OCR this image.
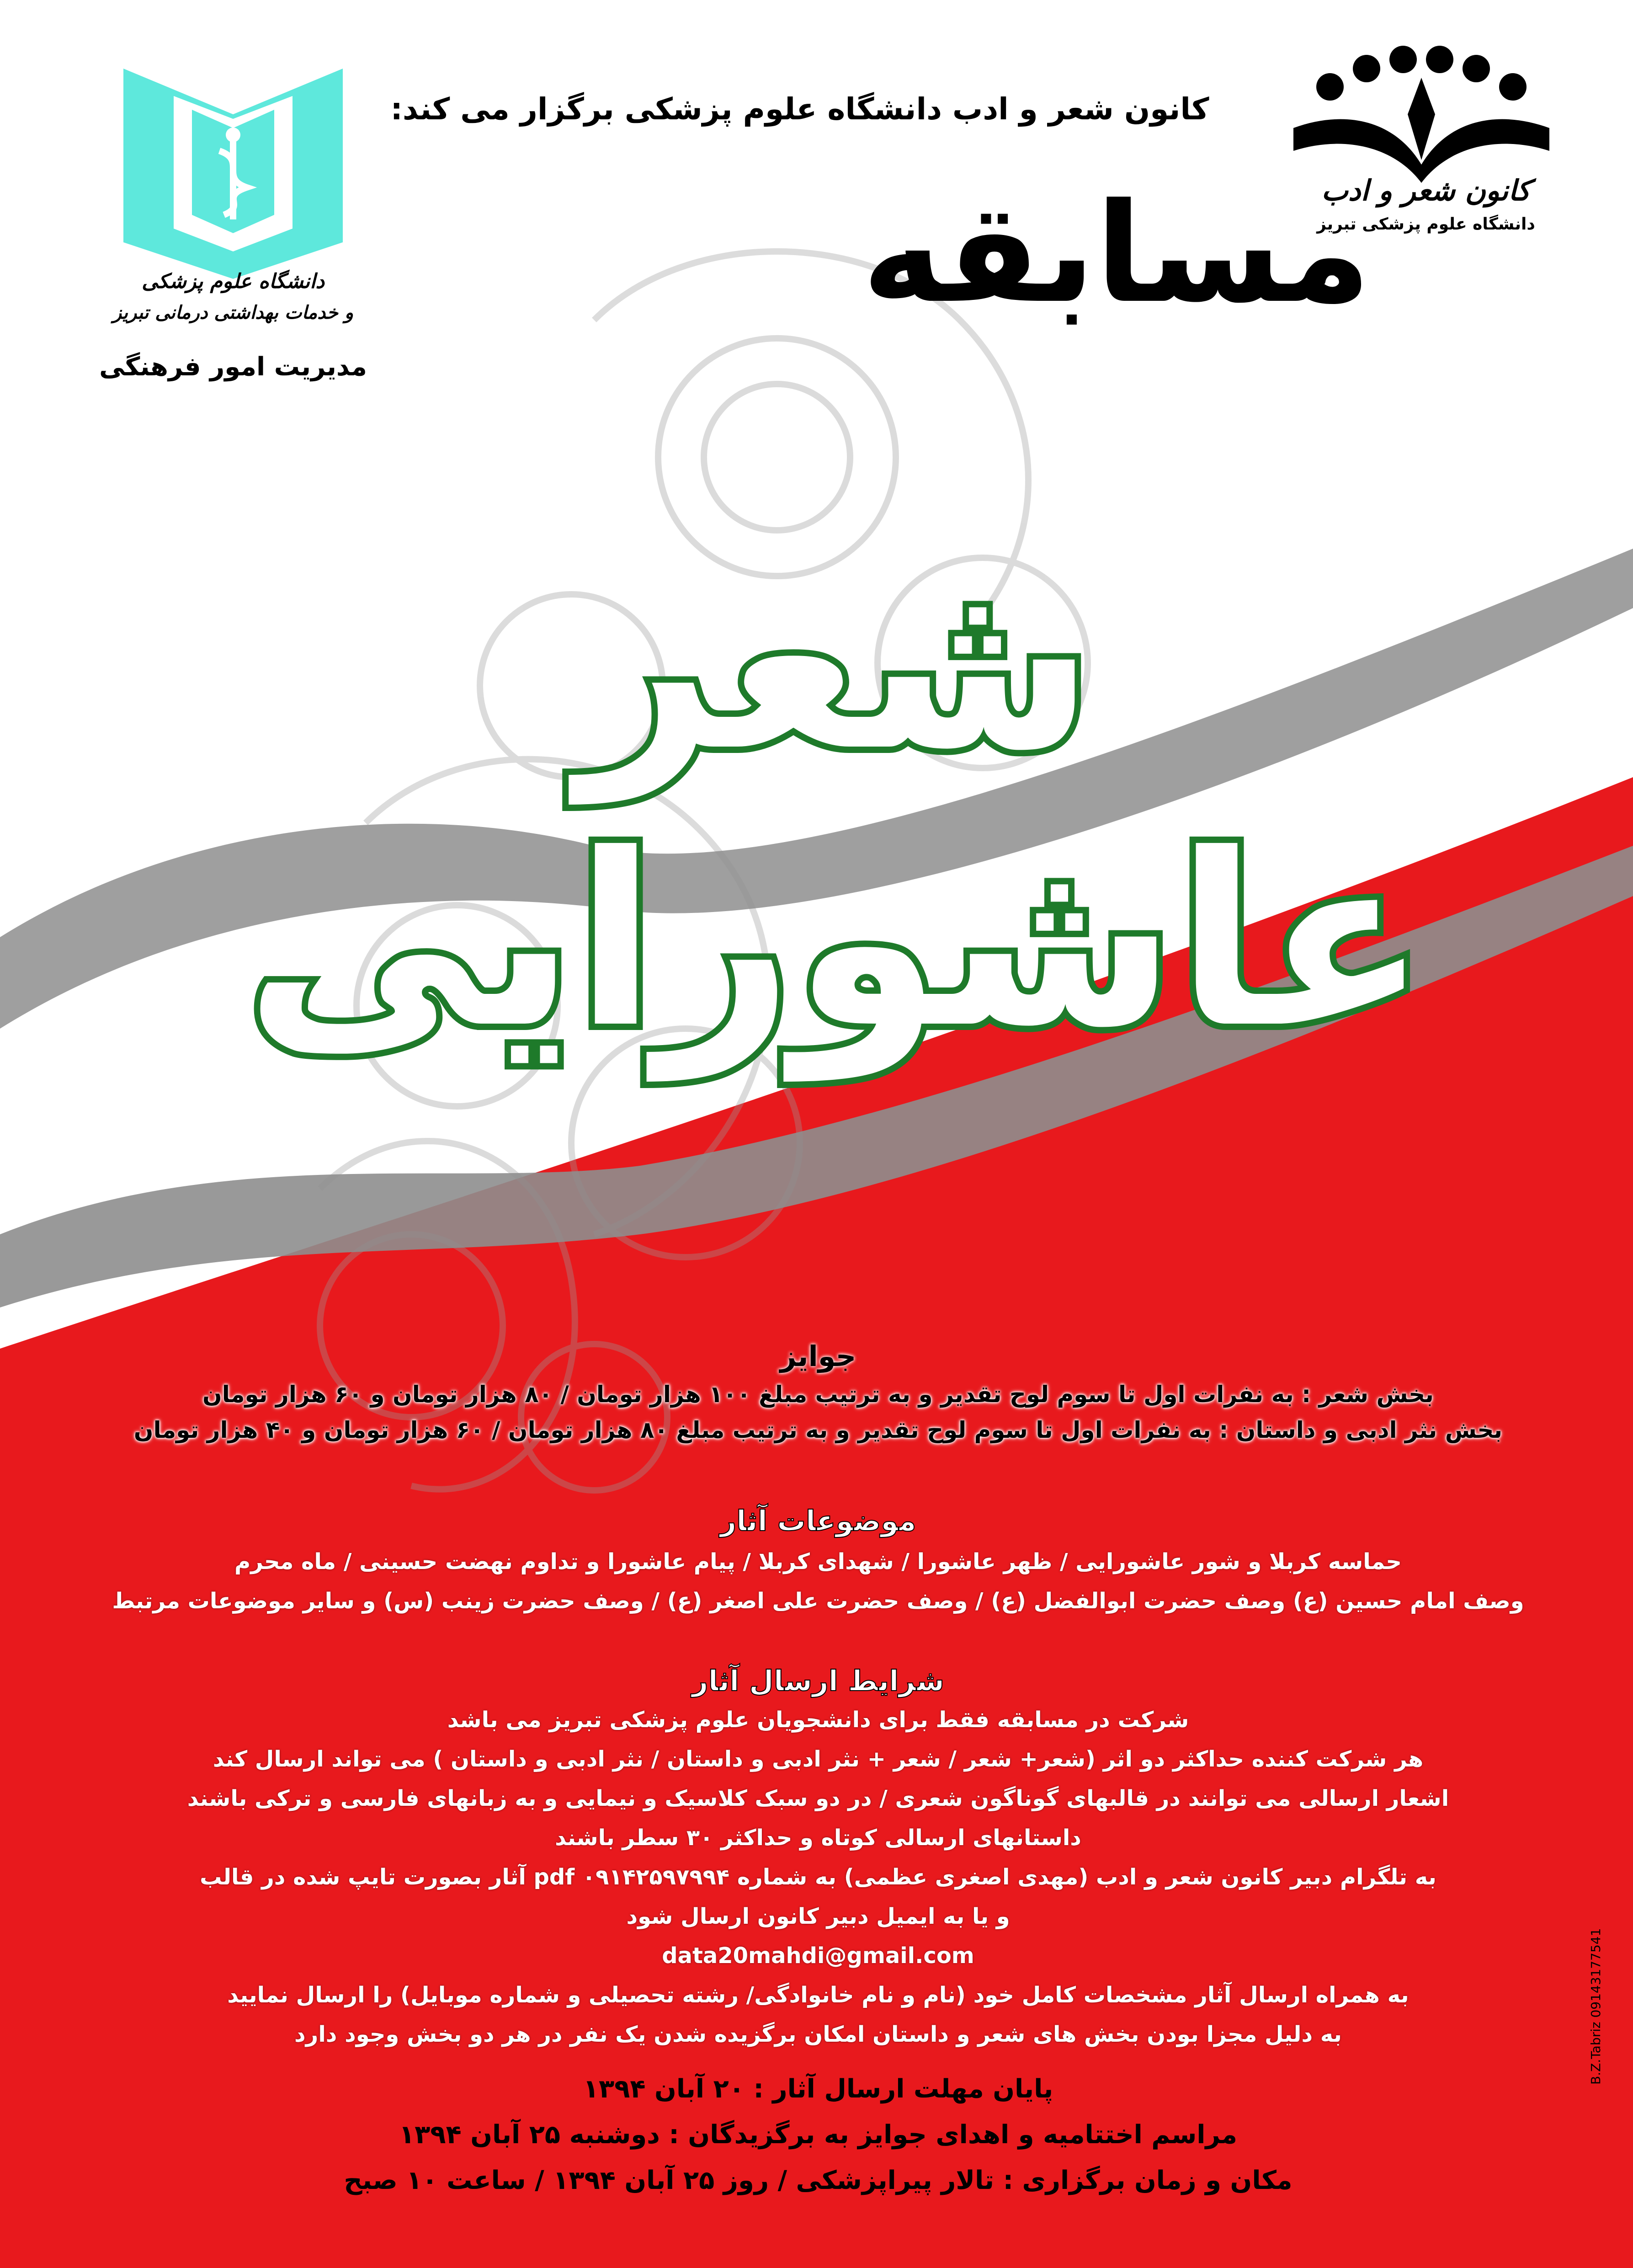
دانشگاه علوم پزشکی
و خدمات بهداشتی درمانی تبریز
مدیریت امور فرهنگی
کانون شعر و ادب
دانشگاه علوم پزشکی تبریز
کانون شعر و ادب دانشگاه علوم پزشکی برگزار می کند:
مسابقه
شعر عاشورایی
جوایز
بخش شعر : به نفرات اول تا سوم لوح تقدیر و به ترتیب مبلغ ۱۰۰ هزار تومان / ۸۰ هزار تومان و ۶۰ هزار تومان
بخش نثر ادبی و داستان : به نفرات اول تا سوم لوح تقدیر و به ترتیب مبلغ ۸۰ هزار تومان / ۶۰ هزار تومان و ۴۰ هزار تومان
موضوعات آثار
حماسه کربلا و شور عاشورایی / ظهر عاشورا / شهدای کربلا / پیام عاشورا و تداوم نهضت حسینی / ماه محرم
وصف امام حسین (ع) وصف حضرت ابوالفضل (ع) / وصف حضرت علی اصغر (ع) / وصف حضرت زینب (س) و سایر موضوعات مرتبط
شرایط ارسال آثار
شرکت در مسابقه فقط برای دانشجویان علوم پزشکی تبریز می باشد
هر شرکت کننده حداکثر دو اثر (شعر+ شعر / شعر + نثر ادبی و داستان / نثر ادبی و داستان ) می تواند ارسال کند
اشعار ارسالی می توانند در قالبهای گوناگون شعری / در دو سبک کلاسیک و نیمایی و به زبانهای فارسی و ترکی باشند
داستانهای ارسالی کوتاه و حداکثر ۳۰ سطر باشند
به تلگرام دبیر کانون شعر و ادب (مهدی اصغری عظمی) به شماره ۰۹۱۴۲۵۹۷۹۹۴ pdf آثار بصورت تایپ شده در قالب
و یا به ایمیل دبیر کانون ارسال شود
data20mahdi@gmail.com
به همراه ارسال آثار مشخصات کامل خود (نام و نام خانوادگی/ رشته تحصیلی و شماره موبایل) را ارسال نمایید
به دلیل مجزا بودن بخش های شعر و داستان امکان برگزیده شدن یک نفر در هر دو بخش وجود دارد
پایان مهلت ارسال آثار : ۲۰ آبان ۱۳۹۴
مراسم اختتامیه و اهدای جوایز به برگزیدگان : دوشنبه ۲۵ آبان ۱۳۹۴
مکان و زمان برگزاری : تالار پیراپزشکی / روز ۲۵ آبان ۱۳۹۴ / ساعت ۱۰ صبح
B.Z.Tabriz 09143177541
